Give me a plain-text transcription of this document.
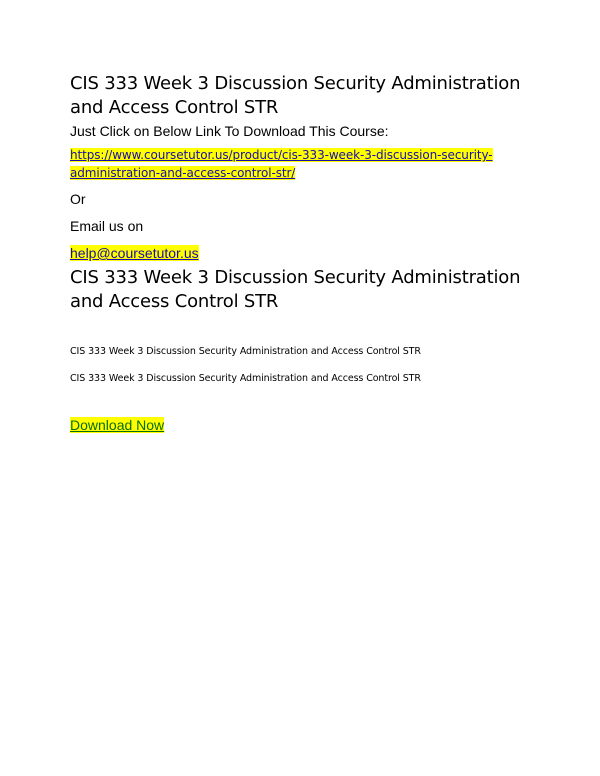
CIS 333 Week 3 Discussion Security Administration and Access Control STR

Just Click on Below Link To Download This Course:

https://www.coursetutor.us/product/cis-333-week-3-discussion-security-

administration-and-access-control-str/

Or

Email us on

help@coursetutor.us

CIS 333 Week 3 Discussion Security Administration and Access Control STR

CIS 333 Week 3 Discussion Security Administration and Access Control STR

CIS 333 Week 3 Discussion Security Administration and Access Control STR

Download Now
